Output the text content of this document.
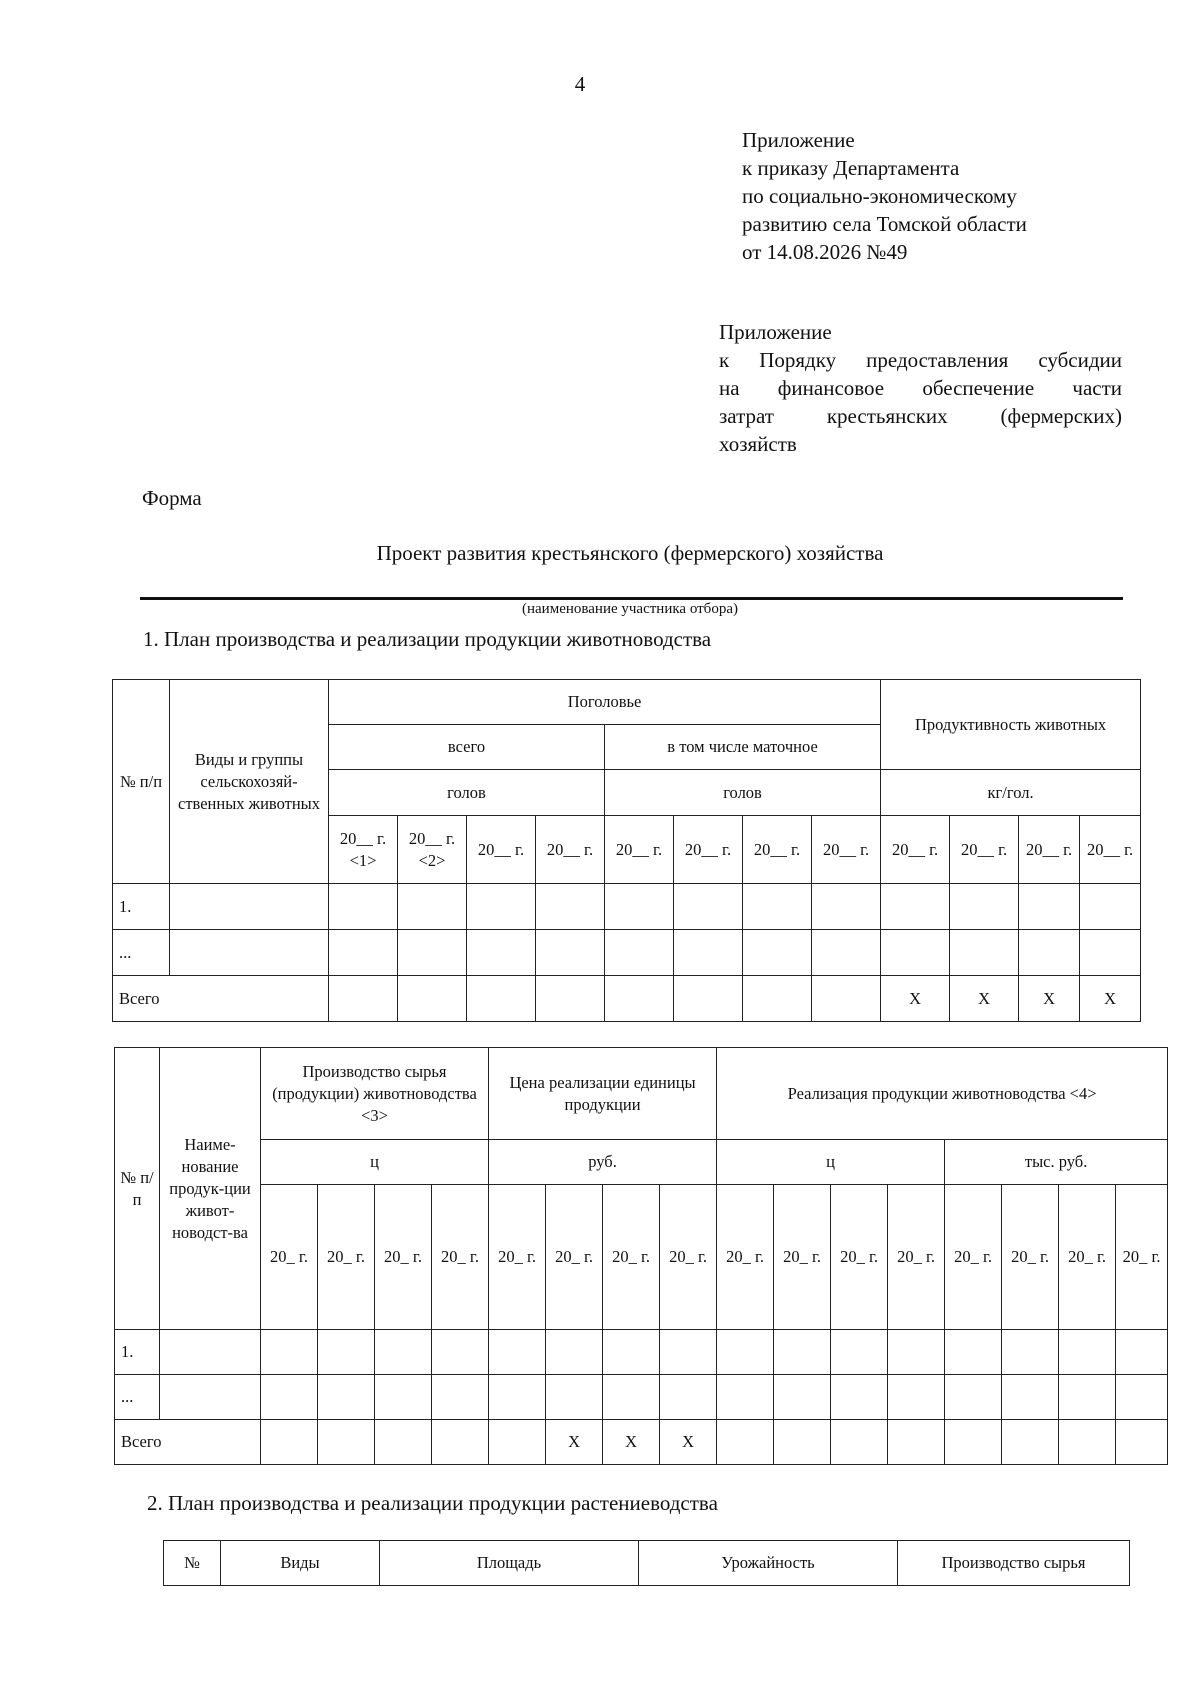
4
Приложение
к приказу Департамента
по социально-экономическому
развитию села Томской области
от 14.08.2026 №49
Приложение
к Порядку предоставления субсидии
на финансовое обеспечение части
затрат крестьянских (фермерских)
хозяйств
Форма
Проект развития крестьянского (фермерского) хозяйства
(наименование участника отбора)
1. План производства и реализации продукции животноводства
№ п/п	Виды и группы сельскохозяй-ственных животных	Поголовье								Продуктивность животных			
		всего				в том числе маточное							
		голов				голов				кг/гол.			
		20__ г. <1>	20__ г. <2>	20__ г.	20__ г.	20__ г.	20__ г.	20__ г.	20__ г.	20__ г.	20__ г.	20__ г.	20__ г.
1.													
...													
Всего										X	X	X	X
№ п/п	Наиме-нование продук-ции живот-новодст-ва	Производство сырья (продукции) животноводства <3>				Цена реализации единицы продукции				Реализация продукции животноводства <4>							
		ц				руб.				ц				тыс. руб.			
		20_ г.	20_ г.	20_ г.	20_ г.	20_ г.	20_ г.	20_ г.	20_ г.	20_ г.	20_ г.	20_ г.	20_ г.	20_ г.	20_ г.	20_ г.	20_ г.
1.																	
...																	
Всего							X	X	X								
2. План производства и реализации продукции растениеводства
№	Виды	Площадь	Урожайность	Производство сырья
